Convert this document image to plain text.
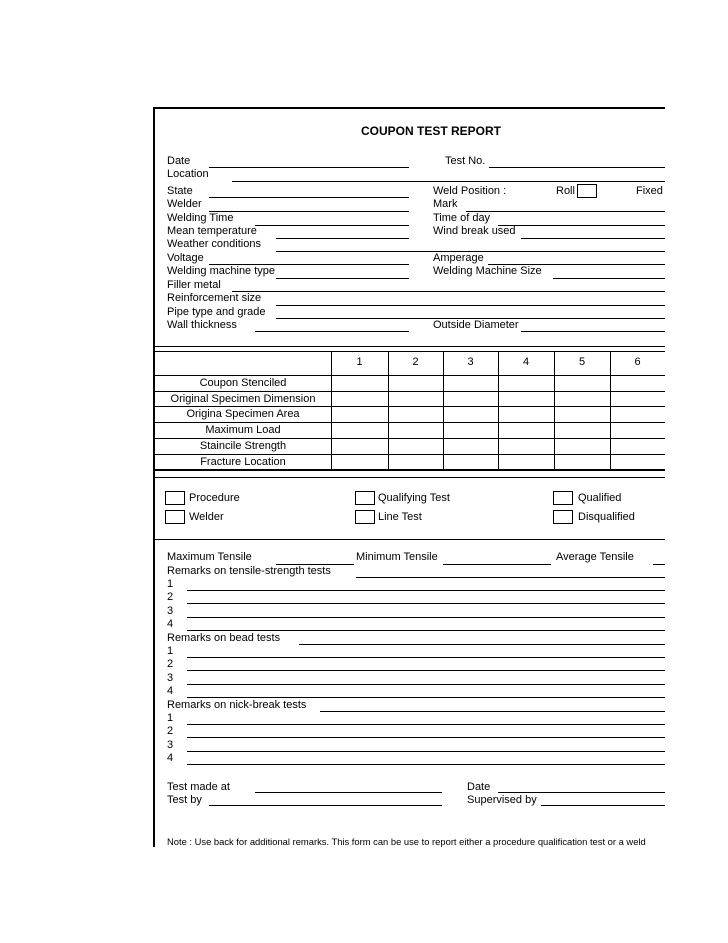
COUPON TEST REPORT
Date	Test No.
Location
State	Weld Position :	Roll	Fixed
Welder	Mark
Welding Time	Time of day
Mean temperature	Wind break used
Weather conditions
Voltage	Amperage
Welding machine type	Welding Machine Size
Filler metal
Reinforcement size
Pipe type and grade
Wall thickness	Outside Diameter
1	2	3	4	5	6
Coupon Stenciled
Original Specimen Dimension
Origina Specimen Area
Maximum Load
Staincile Strength
Fracture Location
Procedure	Qualifying Test	Qualified
Welder	Line Test	Disqualified
Maximum Tensile	Minimum Tensile	Average Tensile
Remarks on tensile-strength tests
1
2
3
4
Remarks on bead tests
1
2
3
4
Remarks on nick-break tests
1
2
3
4
Test made at	Date
Test by	Supervised by
Note : Use back for additional remarks. This form can be use to report either a procedure qualification test or a weld
